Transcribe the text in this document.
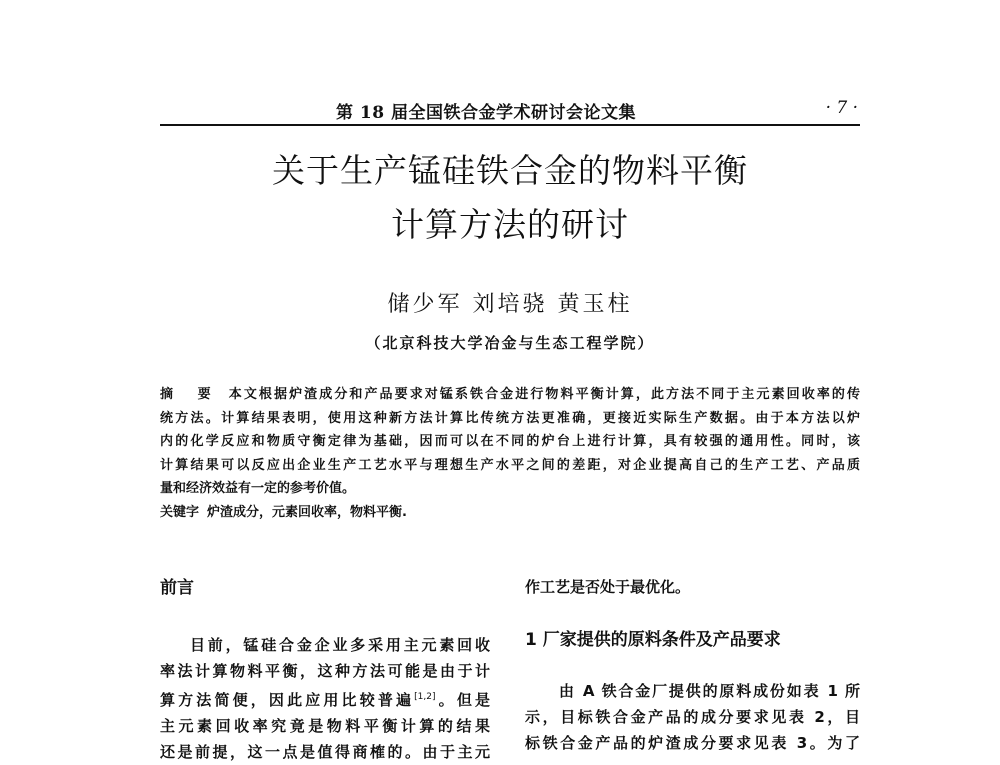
第 18 届全国铁合金学术研讨会论文集	· 7 ·
关于生产锰硅铁合金的物料平衡
计算方法的研讨
储少军 刘培骁 黄玉柱
（北京科技大学冶金与生态工程学院）
摘 要 本文根据炉渣成分和产品要求对锰系铁合金进行物料平衡计算，此方法不同于主元素回收率的传
统方法。计算结果表明，使用这种新方法计算比传统方法更准确，更接近实际生产数据。由于本方法以炉
内的化学反应和物质守衡定律为基础，因而可以在不同的炉台上进行计算，具有较强的通用性。同时，该
计算结果可以反应出企业生产工艺水平与理想生产水平之间的差距，对企业提高自己的生产工艺、产品质
量和经济效益有一定的参考价值。
关键字 炉渣成分，元素回收率，物料平衡.
前言
目前，锰硅合金企业多采用主元素回收
率法计算物料平衡，这种方法可能是由于计
算方法简便，因此应用比较普遍[1,2]。但是
主元素回收率究竟是物料平衡计算的结果
还是前提，这一点是值得商榷的。由于主元
作工艺是否处于最优化。
1 厂家提供的原料条件及产品要求
由 A 铁合金厂提供的原料成份如表 1 所
示，目标铁合金产品的成分要求见表 2，目
标铁合金产品的炉渣成分要求见表 3。为了
